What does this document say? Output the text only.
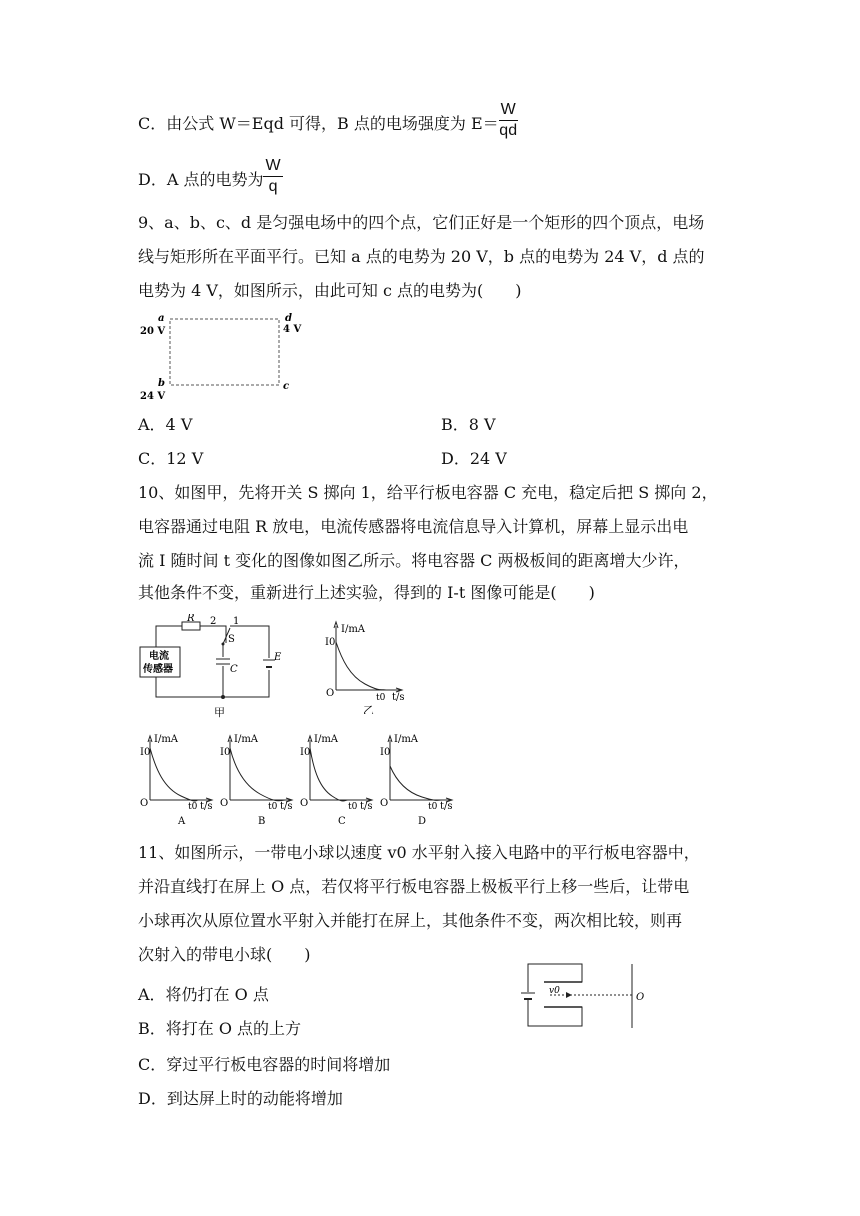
C．由公式 W＝Eqd 可得，B 点的电场强度为 $E= \frac{W}{qd}$
D．A 点的电势为 $\frac{W}{q}$
9、a、b、c、d 是匀强电场中的四个点，它们正好是一个矩形的四个顶点，电场
线与矩形所在平面平行。已知 a 点的电势为 20 V，b 点的电势为 24 V，d 点的
电势为 4 V，如图所示，由此可知 c 点的电势为(　　)
a
20 V
d
4 V
b
24 V
c
A．4 V	B．8 V
C．12 V	D．24 V
10、如图甲，先将开关 S 掷向 1，给平行板电容器 C 充电，稳定后把 S 掷向 2，
电容器通过电阻 R 放电，电流传感器将电流信息导入计算机，屏幕上显示出电
流 I 随时间 t 变化的图像如图乙所示。将电容器 C 两极板间的距离增大少许，
其他条件不变，重新进行上述实验，得到的 I-t 图像可能是(　　)
R 2 1
S
C
E
电流
传感器
甲
I/mA
I0
O	t0 t/s
乙
I/mA
I0
O	t0 t/s
A
I/mA
I0
O	t0 t/s
B
I/mA
I0
O	t0 t/s
C
I/mA
I0
O	t0 t/s
D
11、如图所示，一带电小球以速度 v0 水平射入接入电路中的平行板电容器中，
并沿直线打在屏上 O 点，若仅将平行板电容器上极板平行上移一些后，让带电
小球再次从原位置水平射入并能打在屏上，其他条件不变，两次相比较，则再
次射入的带电小球(　　)
A．将仍打在 O 点
B．将打在 O 点的上方
C．穿过平行板电容器的时间将增加
D．到达屏上时的动能将增加
v0
O
